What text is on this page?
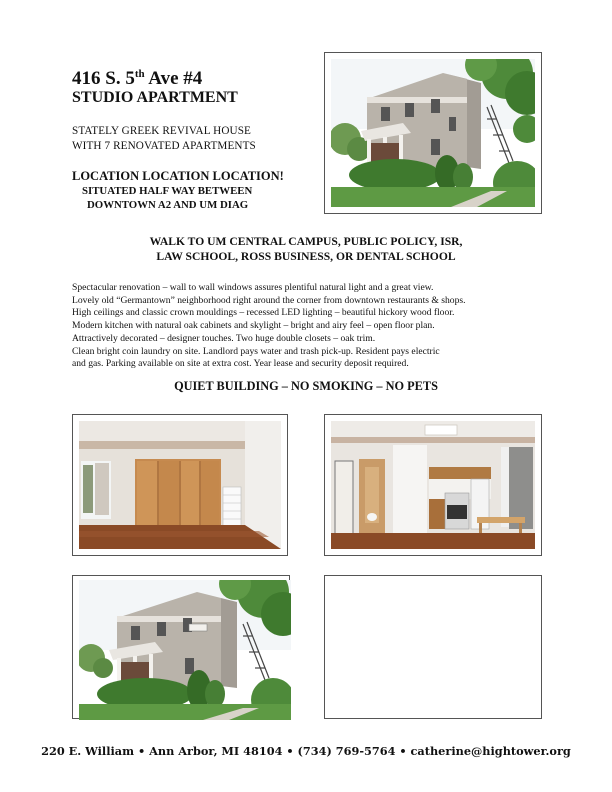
416 S. 5th Ave #4
STUDIO APARTMENT
STATELY GREEK REVIVAL HOUSE
WITH 7 RENOVATED APARTMENTS
LOCATION LOCATION LOCATION!
SITUATED HALF WAY BETWEEN
DOWNTOWN A2 AND UM DIAG
WALK TO UM CENTRAL CAMPUS, PUBLIC POLICY, ISR,
LAW SCHOOL, ROSS BUSINESS, OR DENTAL SCHOOL
Spectacular renovation – wall to wall windows assures plentiful natural light and a great view.
Lovely old “Germantown” neighborhood right around the corner from downtown restaurants & shops.
High ceilings and classic crown mouldings – recessed LED lighting – beautiful hickory wood floor.
Modern kitchen with natural oak cabinets and skylight – bright and airy feel – open floor plan.
Attractively decorated – designer touches. Two huge double closets – oak trim.
Clean bright coin laundry on site. Landlord pays water and trash pick-up. Resident pays electric
and gas. Parking available on site at extra cost. Year lease and security deposit required.
QUIET BUILDING – NO SMOKING – NO PETS
220 E. William • Ann Arbor, MI 48104 • (734) 769-5764 • catherine@hightower.org
